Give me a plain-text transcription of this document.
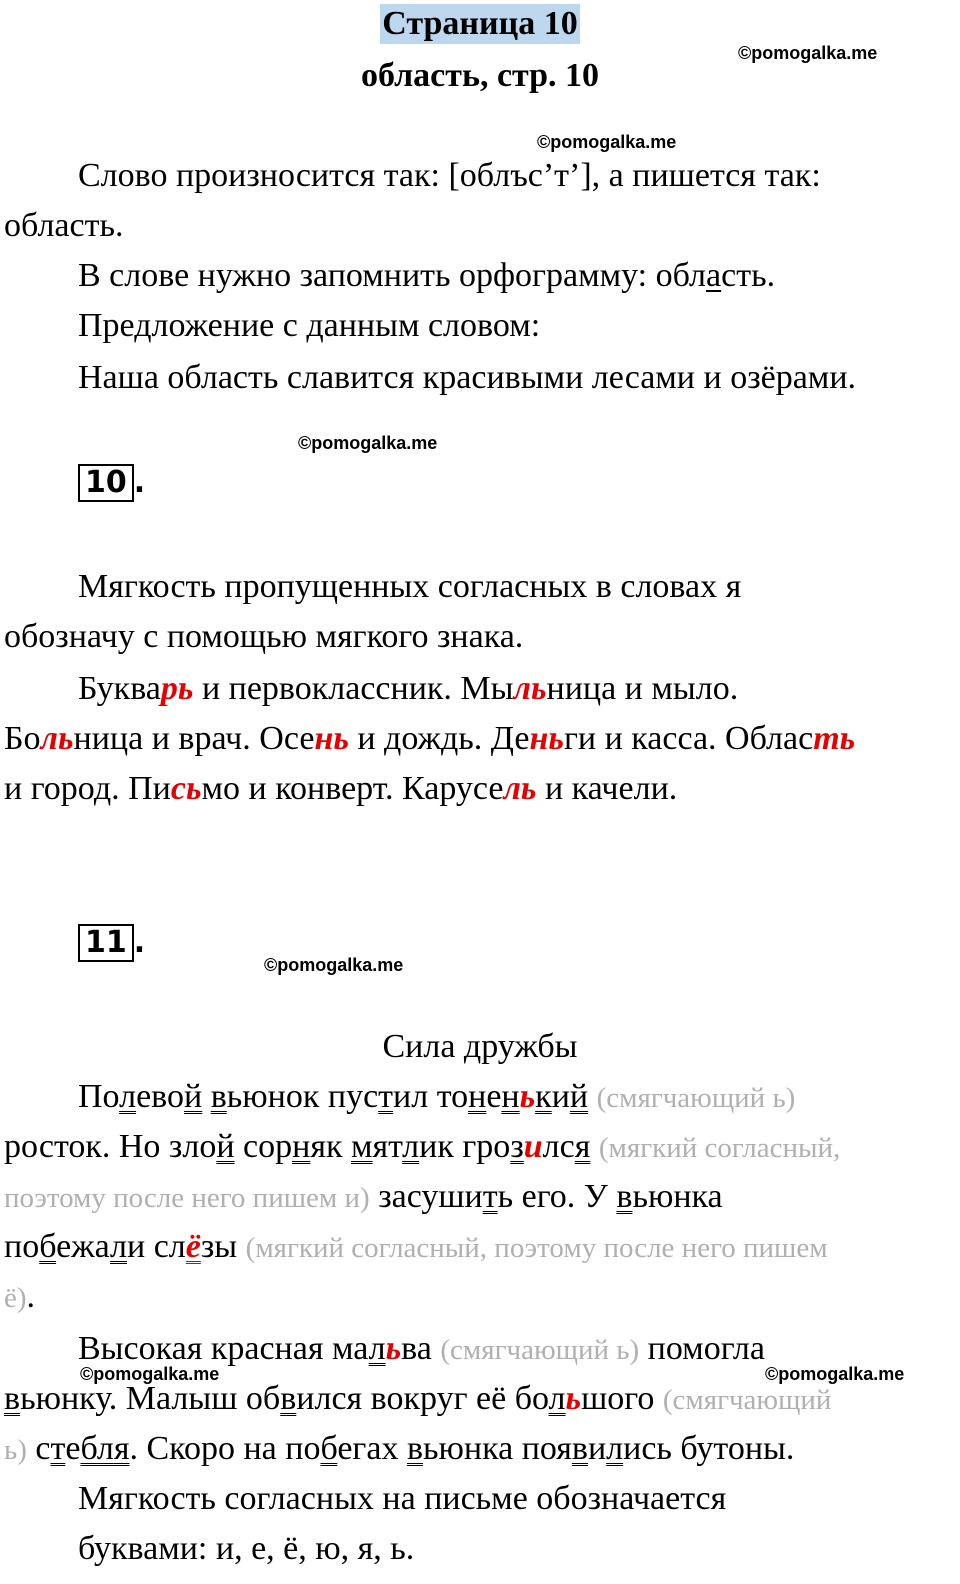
Страница 10
область, стр. 10
©pomogalka.me
©pomogalka.me
©pomogalka.me
©pomogalka.me
©pomogalka.me	©pomogalka.me
Слово произносится так: [облъс’т’], а пишется так:
область.
В слове нужно запомнить орфограмму: область.
Предложение с данным словом:
Наша область славится красивыми лесами и озёрами.
10 .
Мягкость пропущенных согласных в словах я
обозначу с помощью мягкого знака.
Букварь и первоклассник. Мыльница и мыло.
Больница и врач. Осень и дождь. Деньги и касса. Область
и город. Письмо и конверт. Карусель и качели.
11 .
Сила дружбы
Полевой вьюнок пустил тоненький (смягчающий ь)
росток. Но злой сорняк мятлик грозился (мягкий согласный,
поэтому после него пишем и) засушить его. У вьюнка
побежали слёзы (мягкий согласный, поэтому после него пишем
ё).
Высокая красная мальва (смягчающий ь) помогла
вьюнку. Малыш обвился вокруг её большого (смягчающий
ь) стебля. Скоро на побегах вьюнка появились бутоны.
Мягкость согласных на письме обозначается
буквами: и, е, ё, ю, я, ь.
